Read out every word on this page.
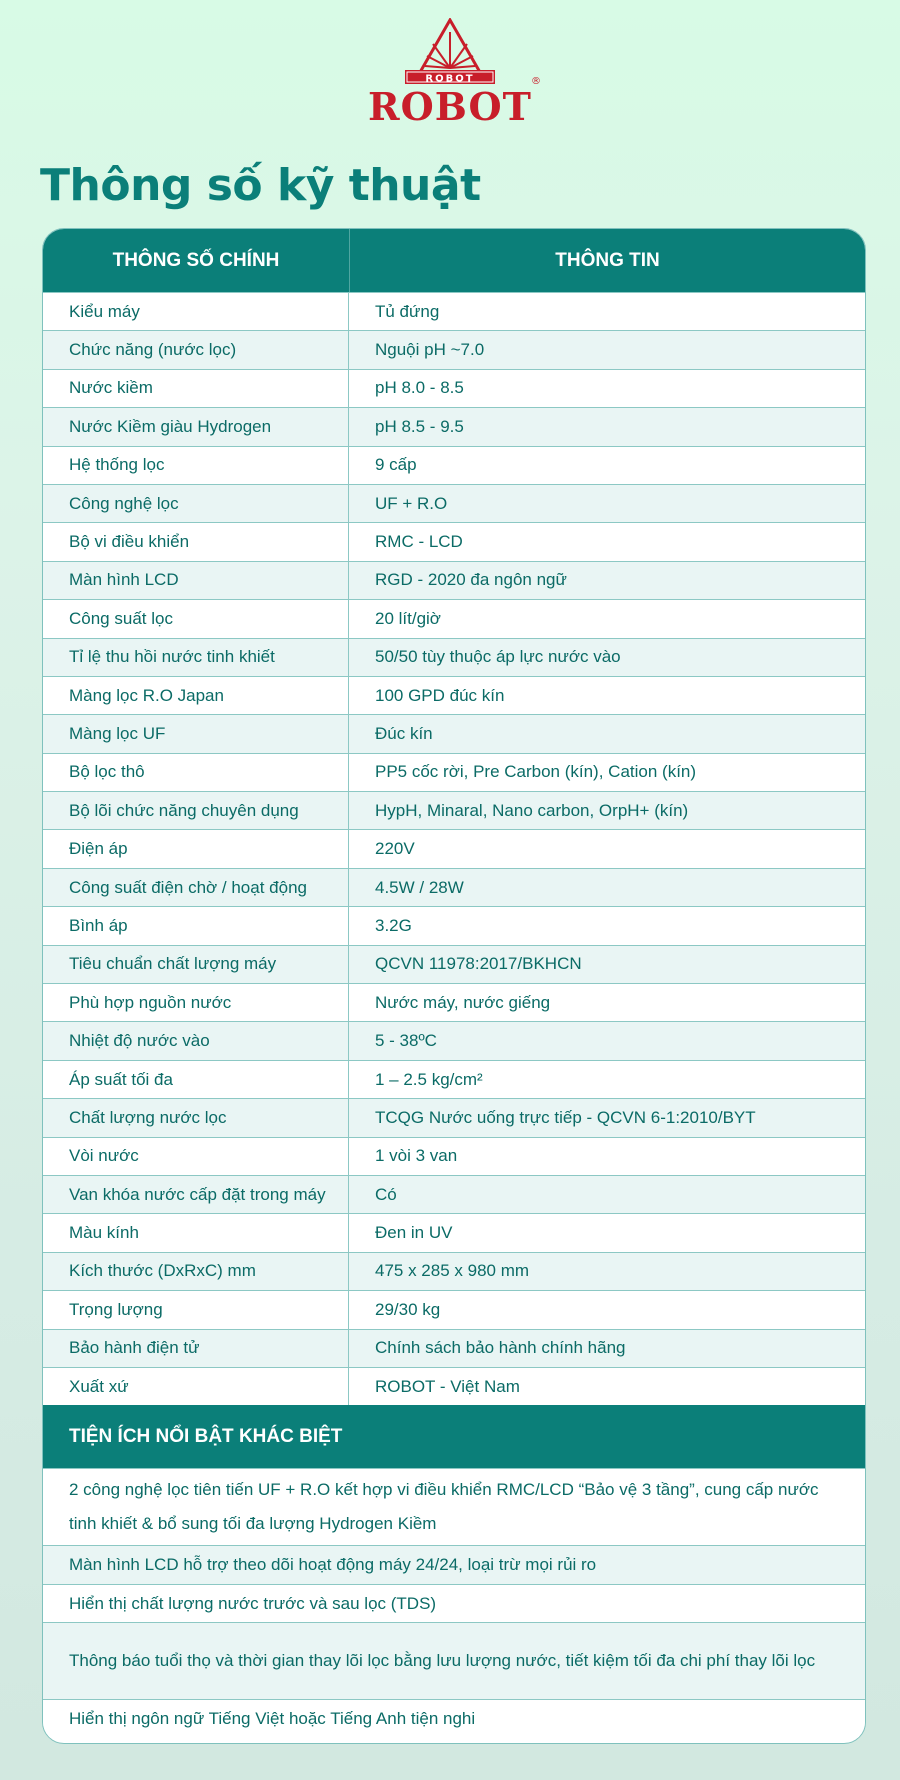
ROBOT
ROBOT
®
Thông số kỹ thuật
THÔNG SỐ CHÍNH	THÔNG TIN
Kiểu máy	Tủ đứng
Chức năng (nước lọc)	Nguội pH ~7.0
Nước kiềm	pH 8.0 - 8.5
Nước Kiềm giàu Hydrogen	pH 8.5 - 9.5
Hệ thống lọc	9 cấp
Công nghệ lọc	UF + R.O
Bộ vi điều khiển	RMC - LCD
Màn hình LCD	RGD - 2020 đa ngôn ngữ
Công suất lọc	20 lít/giờ
Tỉ lệ thu hồi nước tinh khiết	50/50 tùy thuộc áp lực nước vào
Màng lọc R.O Japan	100 GPD đúc kín
Màng lọc UF	Đúc kín
Bộ lọc thô	PP5 cốc rời, Pre Carbon (kín), Cation (kín)
Bộ lõi chức năng chuyên dụng	HypH, Minaral, Nano carbon, OrpH+ (kín)
Điện áp	220V
Công suất điện chờ / hoạt động	4.5W / 28W
Bình áp	3.2G
Tiêu chuẩn chất lượng máy	QCVN 11978:2017/BKHCN
Phù hợp nguồn nước	Nước máy, nước giếng
Nhiệt độ nước vào	5 - 38ºC
Áp suất tối đa	1 – 2.5 kg/cm²
Chất lượng nước lọc	TCQG Nước uống trực tiếp - QCVN 6-1:2010/BYT
Vòi nước	1 vòi 3 van
Van khóa nước cấp đặt trong máy	Có
Màu kính	Đen in UV
Kích thước (DxRxC) mm	475 x 285 x 980 mm
Trọng lượng	29/30 kg
Bảo hành điện tử	Chính sách bảo hành chính hãng
Xuất xứ	ROBOT - Việt Nam
TIỆN ÍCH NỔI BẬT KHÁC BIỆT
2 công nghệ lọc tiên tiến UF + R.O kết hợp vi điều khiển RMC/LCD “Bảo vệ 3 tầng”, cung cấp nước tinh khiết & bổ sung tối đa lượng Hydrogen Kiềm
Màn hình LCD hỗ trợ theo dõi hoạt động máy 24/24, loại trừ mọi rủi ro
Hiển thị chất lượng nước trước và sau lọc (TDS)
Thông báo tuổi thọ và thời gian thay lõi lọc bằng lưu lượng nước, tiết kiệm tối đa chi phí thay lõi lọc
Hiển thị ngôn ngữ Tiếng Việt hoặc Tiếng Anh tiện nghi
